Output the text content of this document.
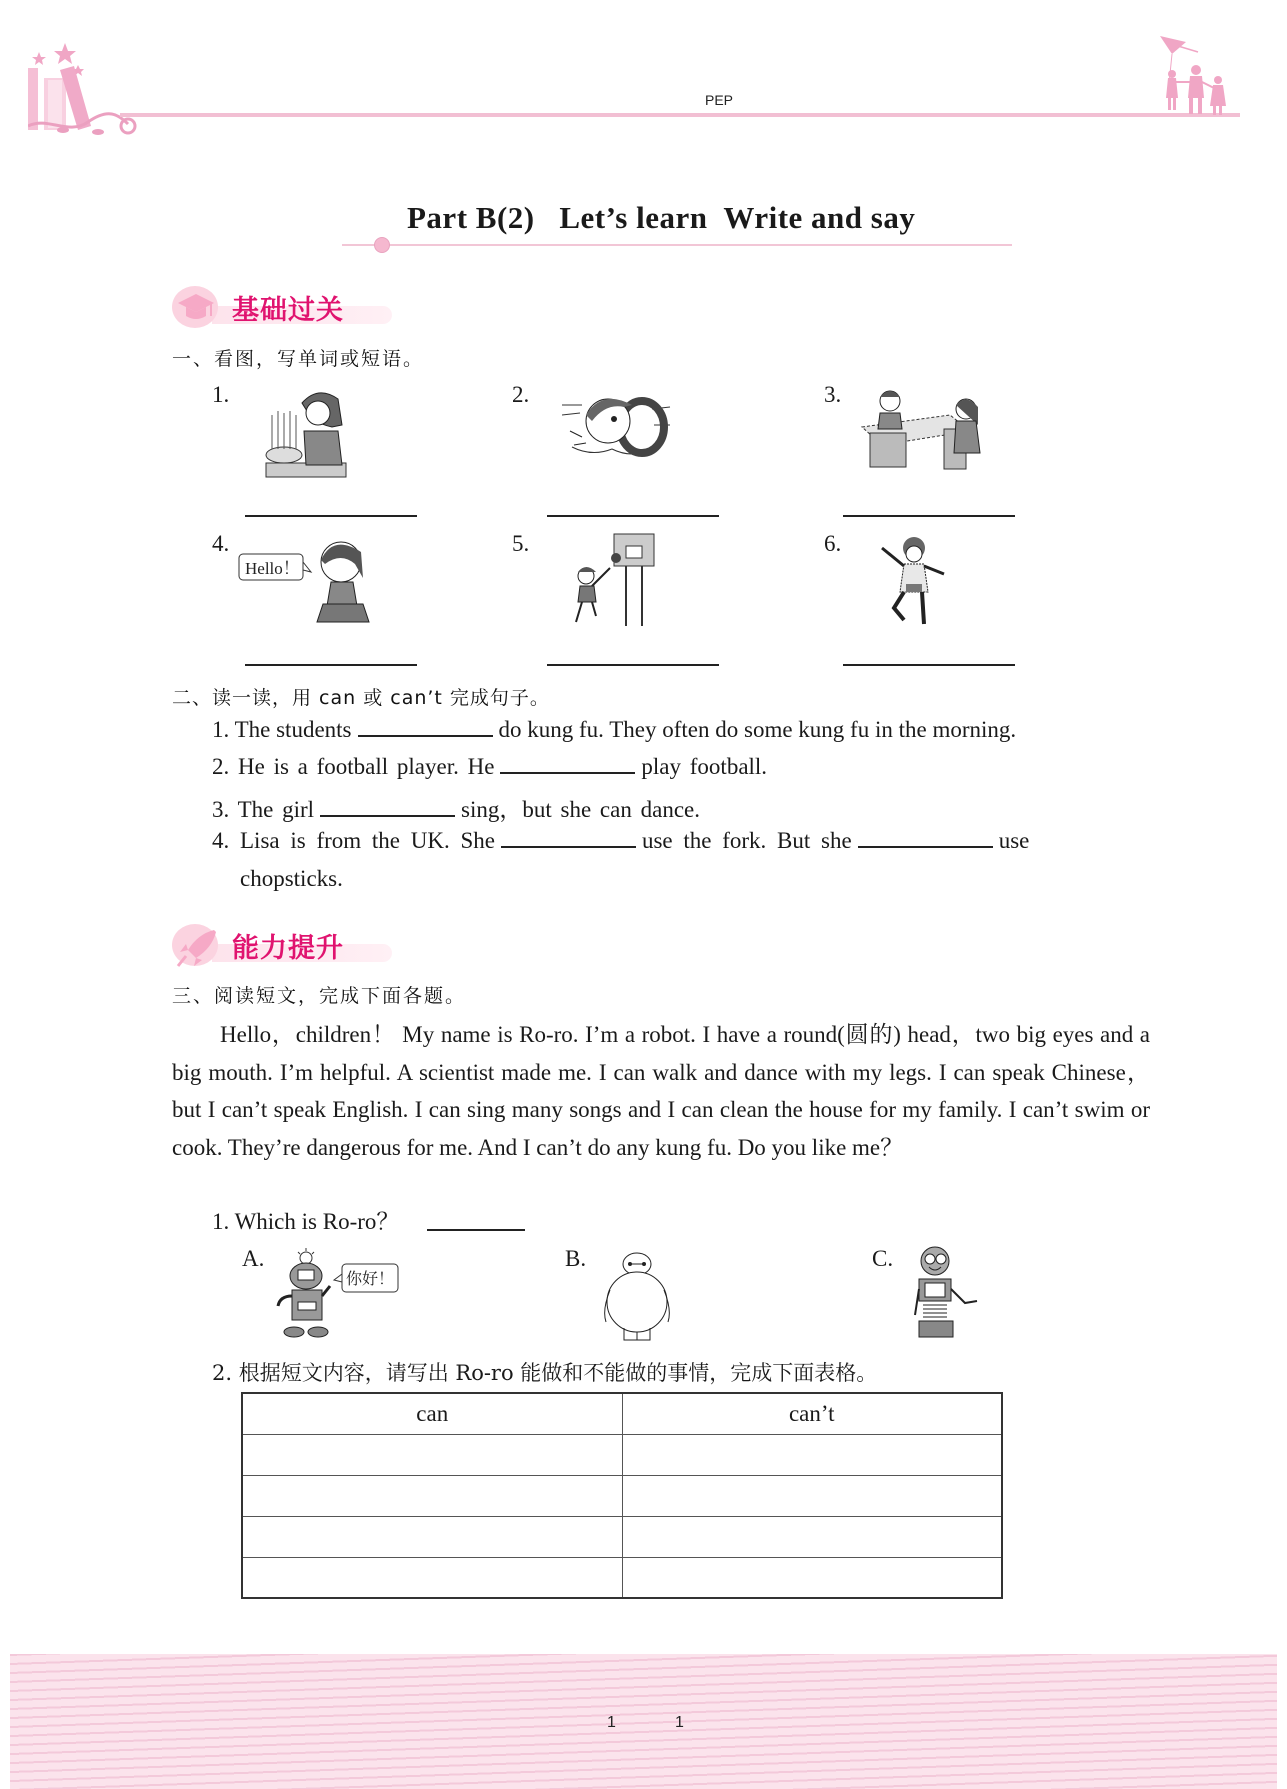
PEP
Part B(2)   Let’s learn  Write and say
基础过关
一、看图，写单词或短语。
1.	2.	3.
4.
Hello！
5.	6.
二、读一读，用 can 或 can’t 完成句子。
1. The students	do kung fu. They often do some kung fu in the morning.
2. He is a football player. He	play football.
3. The girl	sing，but she can dance.
4. Lisa is from the UK. She	use the fork. But she	use
chopsticks.
能力提升
三、阅读短文，完成下面各题。
Hello，children！ My name is Ro-ro. I’m a robot. I have a round(圆的) head，two big eyes and a big mouth. I’m helpful. A scientist made me. I can walk and dance with my legs. I can speak Chinese，but I can’t speak English. I can sing many songs and I can clean the house for my family. I can’t swim or cook. They’re dangerous for me. And I can’t do any kung fu. Do you like me？
1. Which is Ro-ro？
A.
你好！
B.	C.
2. 根据短文内容，请写出 Ro-ro 能做和不能做的事情，完成下面表格。
can	can’t

1	1
